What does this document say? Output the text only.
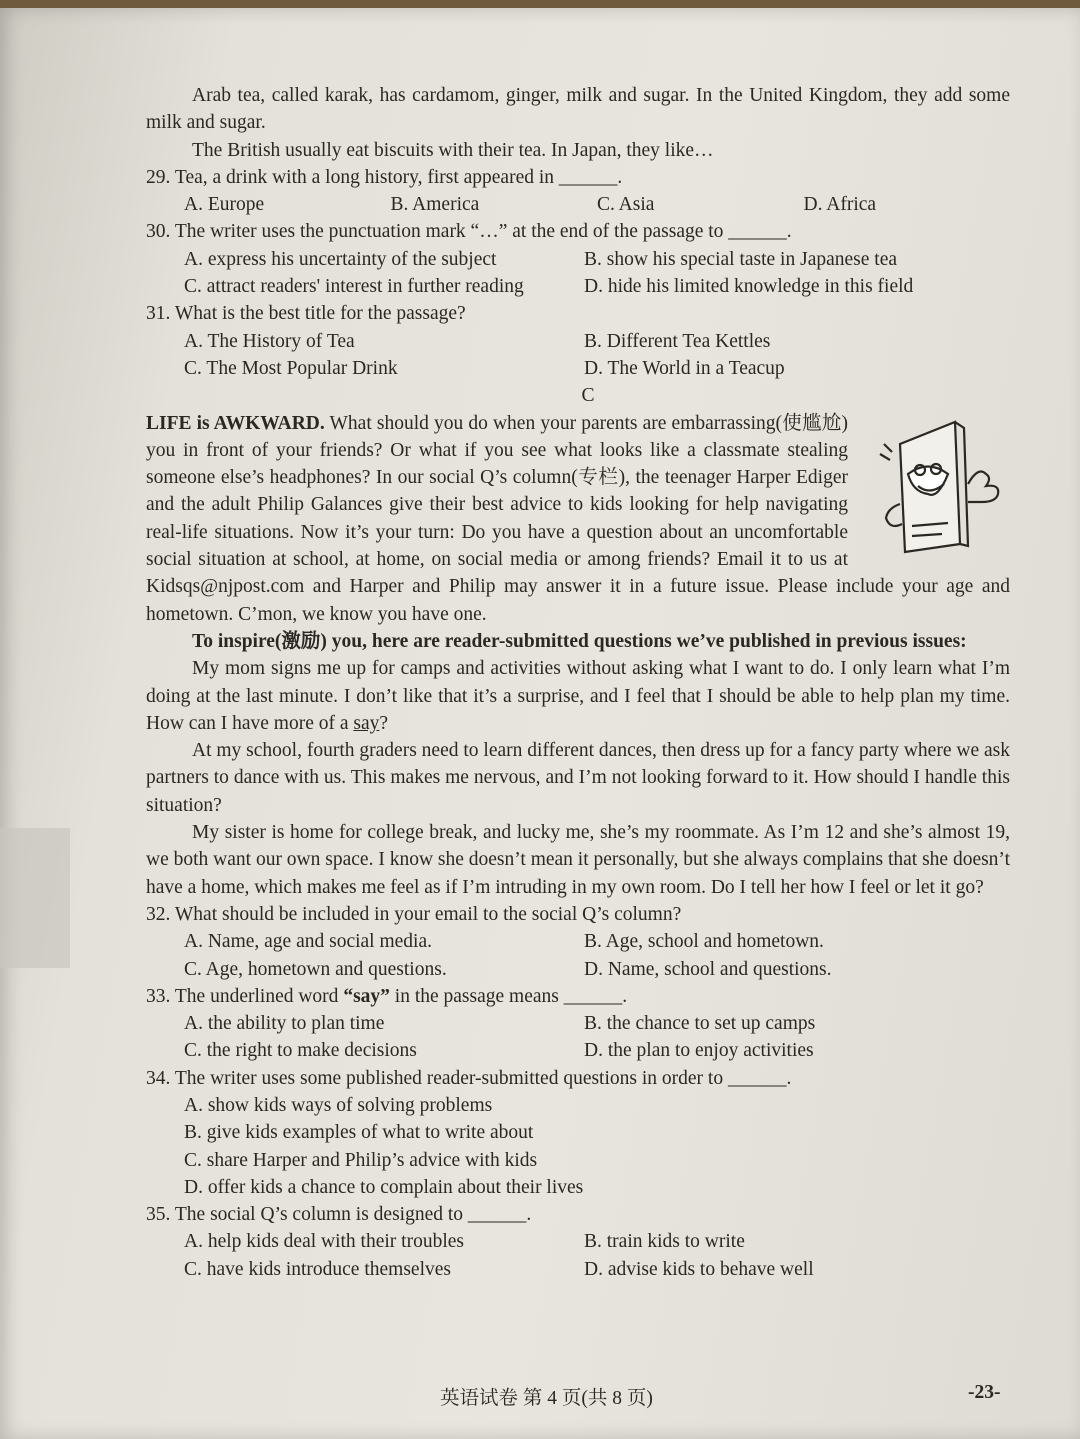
Arab tea, called karak, has cardamom, ginger, milk and sugar. In the United Kingdom, they add some milk and sugar.

The British usually eat biscuits with their tea. In Japan, they like…

29. Tea, a drink with a long history, first appeared in ______.

A. Europe	B. America	C. Asia	D. Africa

30. The writer uses the punctuation mark “…” at the end of the passage to ______.

A. express his uncertainty of the subject	B. show his special taste in Japanese tea
C. attract readers' interest in further reading	D. hide his limited knowledge in this field

31. What is the best title for the passage?

A. The History of Tea	B. Different Tea Kettles
C. The Most Popular Drink	D. The World in a Teacup

C

LIFE is AWKWARD. What should you do when your parents are embarrassing(使尴尬) you in front of your friends? Or what if you see what looks like a classmate stealing someone else’s headphones? In our social Q’s column(专栏), the teenager Harper Ediger and the adult Philip Galances give their best advice to kids looking for help navigating real-life situations. Now it’s your turn: Do you have a question about an uncomfortable social situation at school, at home, on social media or among friends? Email it to us at Kidsqs@njpost.com and Harper and Philip may answer it in a future issue. Please include your age and hometown. C’mon, we know you have one.

To inspire(激励) you, here are reader-submitted questions we’ve published in previous issues:

My mom signs me up for camps and activities without asking what I want to do. I only learn what I’m doing at the last minute. I don’t like that it’s a surprise, and I feel that I should be able to help plan my time. How can I have more of a say?

At my school, fourth graders need to learn different dances, then dress up for a fancy party where we ask partners to dance with us. This makes me nervous, and I’m not looking forward to it. How should I handle this situation?

My sister is home for college break, and lucky me, she’s my roommate. As I’m 12 and she’s almost 19, we both want our own space. I know she doesn’t mean it personally, but she always complains that she doesn’t have a home, which makes me feel as if I’m intruding in my own room. Do I tell her how I feel or let it go?

32. What should be included in your email to the social Q’s column?

A. Name, age and social media.	B. Age, school and hometown.
C. Age, hometown and questions.	D. Name, school and questions.

33. The underlined word “say” in the passage means ______.

A. the ability to plan time	B. the chance to set up camps
C. the right to make decisions	D. the plan to enjoy activities

34. The writer uses some published reader-submitted questions in order to ______.

A. show kids ways of solving problems
B. give kids examples of what to write about
C. share Harper and Philip’s advice with kids
D. offer kids a chance to complain about their lives

35. The social Q’s column is designed to ______.

A. help kids deal with their troubles	B. train kids to write
C. have kids introduce themselves	D. advise kids to behave well
英语试卷 第 4 页(共 8 页)	-23-
